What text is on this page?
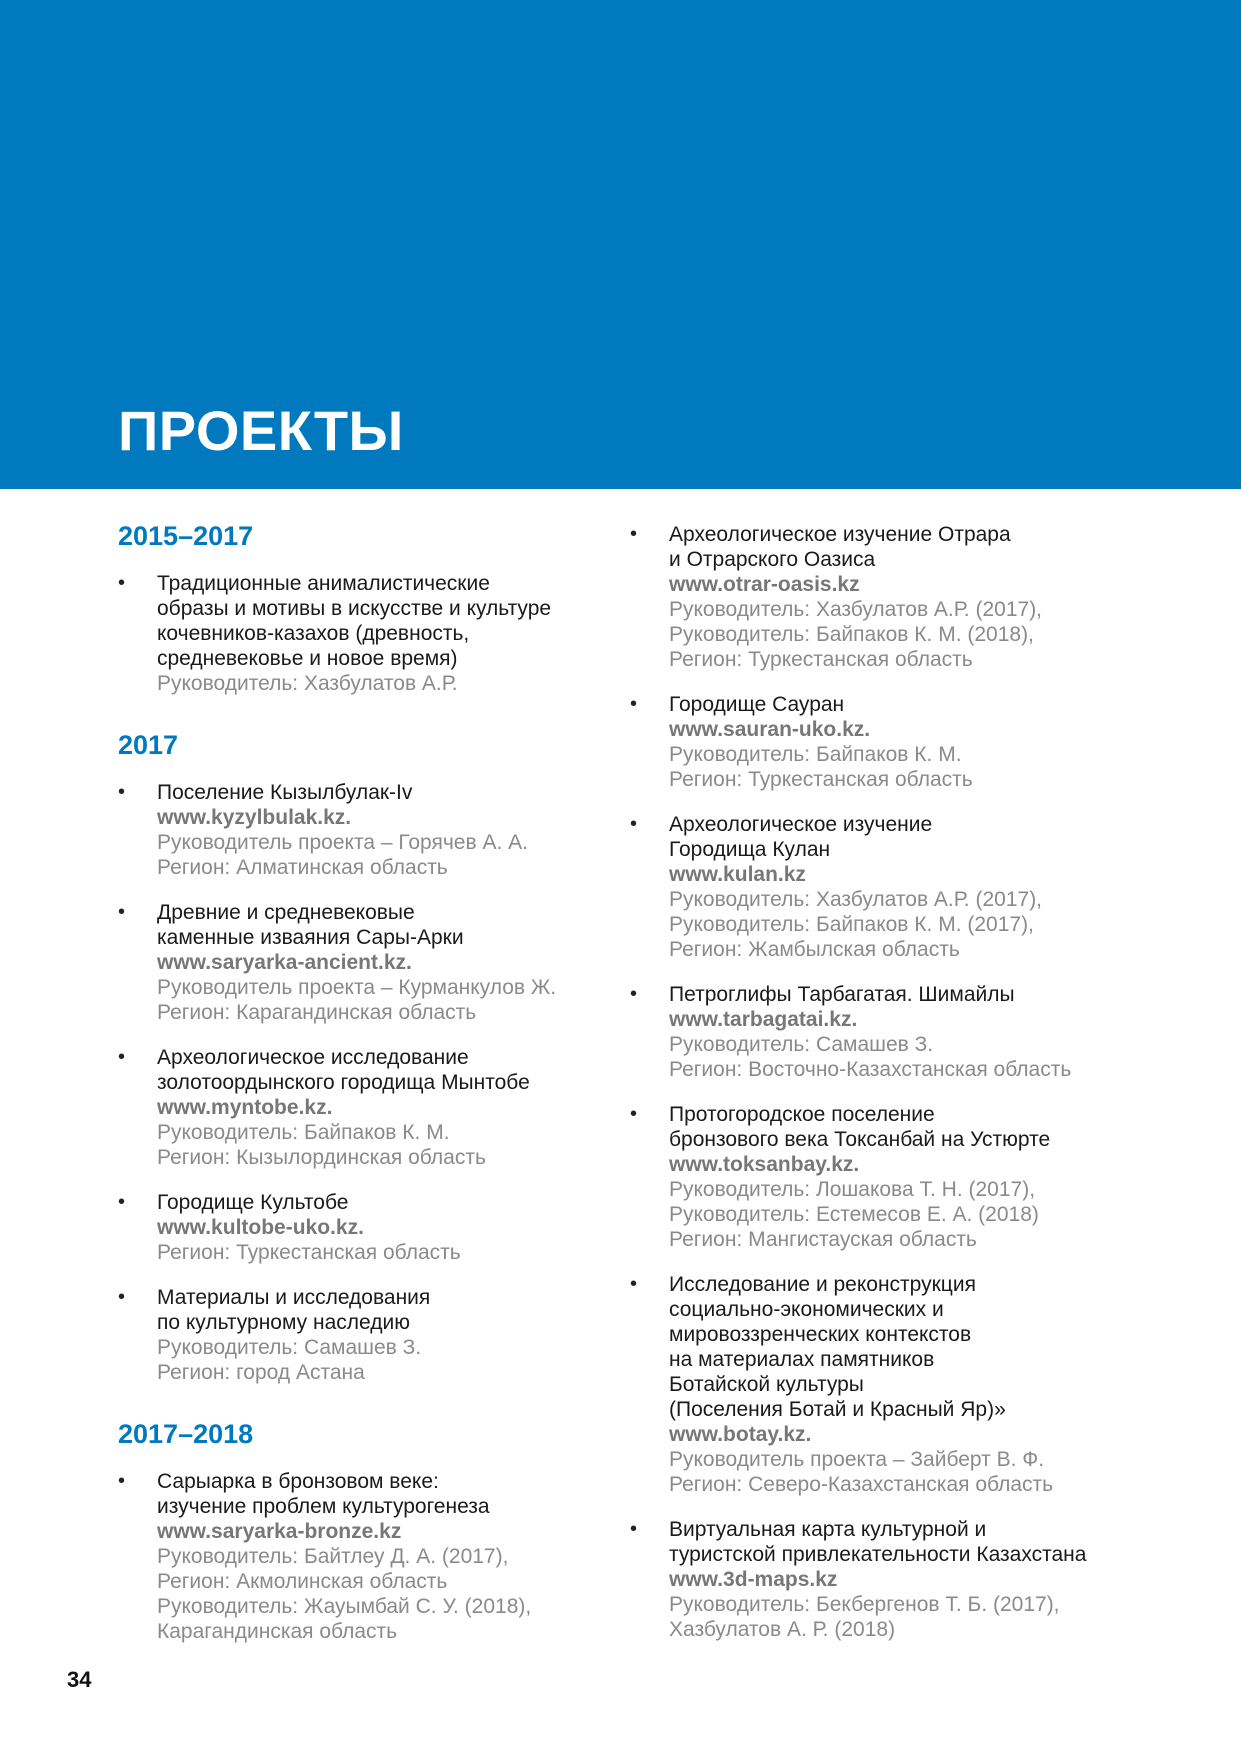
ПРОЕКТЫ
2015–2017
• Традиционные анималистические
образы и мотивы в искусстве и культуре
кочевников-казахов (древность,
средневековье и новое время)
Руководитель: Хазбулатов А.Р.
2017
• Поселение Кызылбулак-Iv
www.kyzylbulak.kz.
Руководитель проекта – Горячев А. А.
Регион: Алматинская область
• Древние и средневековые
каменные изваяния Сары-Арки
www.saryarka-ancient.kz.
Руководитель проекта – Курманкулов Ж.
Регион: Карагандинская область
• Археологическое исследование
золотоордынского городища Мынтобе
www.myntobe.kz.
Руководитель: Байпаков К. М.
Регион: Кызылординская область
• Городище Культобе
www.kultobe-uko.kz.
Регион: Туркестанская область
• Материалы и исследования
по культурному наследию
Руководитель: Самашев З.
Регион: город Астана
2017–2018
• Сарыарка в бронзовом веке:
изучение проблем культурогенеза
www.saryarka-bronze.kz
Руководитель: Байтлеу Д. А. (2017),
Регион: Акмолинская область
Руководитель: Жауымбай С. У. (2018),
Карагандинская область
• Археологическое изучение Отрара
и Отрарского Оазиса
www.otrar-oasis.kz
Руководитель: Хазбулатов А.Р. (2017),
Руководитель: Байпаков К. М. (2018),
Регион: Туркестанская область
• Городище Сауран
www.sauran-uko.kz.
Руководитель: Байпаков К. М.
Регион: Туркестанская область
• Археологическое изучение
Городища Кулан
www.kulan.kz
Руководитель: Хазбулатов А.Р. (2017),
Руководитель: Байпаков К. М. (2017),
Регион: Жамбылская область
• Петроглифы Тарбагатая. Шимайлы
www.tarbagatai.kz.
Руководитель: Самашев З.
Регион: Восточно-Казахстанская область
• Протогородское поселение
бронзового века Токсанбай на Устюрте
www.toksanbay.kz.
Руководитель: Лошакова Т. Н. (2017),
Руководитель: Естемесов Е. А. (2018)
Регион: Мангистауская область
• Исследование и реконструкция
социально-экономических и
мировоззренческих контекстов
на материалах памятников
Ботайской культуры
(Поселения Ботай и Красный Яр)»
www.botay.kz.
Руководитель проекта – Зайберт В. Ф.
Регион: Северо-Казахстанская область
• Виртуальная карта культурной и
туристской привлекательности Казахстана
www.3d-maps.kz
Руководитель: Бекбергенов Т. Б. (2017),
Хазбулатов А. Р. (2018)
34
